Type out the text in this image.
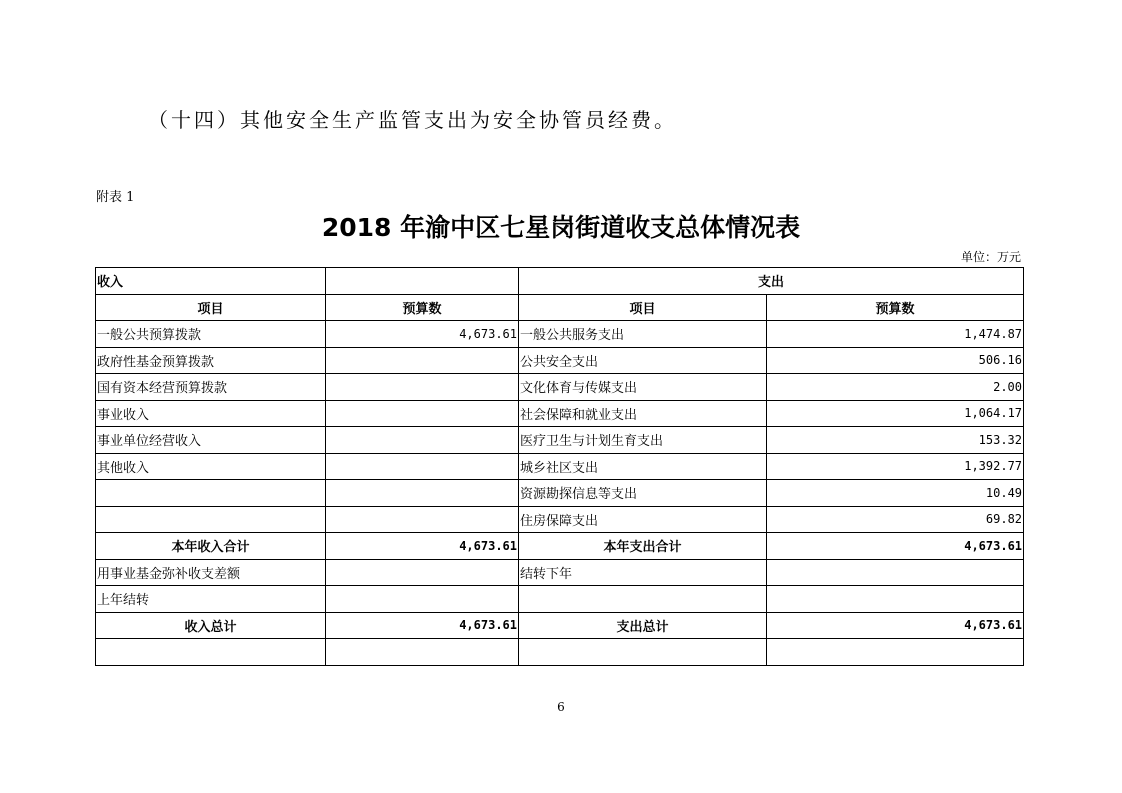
（十四）其他安全生产监管支出为安全协管员经费。
附表 1
2018 年渝中区七星岗街道收支总体情况表
单位：万元
收入		支出	
项目	预算数	项目	预算数
一般公共预算拨款	4,673.61	一般公共服务支出	1,474.87
政府性基金预算拨款		公共安全支出	506.16
国有资本经营预算拨款		文化体育与传媒支出	2.00
事业收入		社会保障和就业支出	1,064.17
事业单位经营收入		医疗卫生与计划生育支出	153.32
其他收入		城乡社区支出	1,392.77
		资源勘探信息等支出	10.49
		住房保障支出	69.82
本年收入合计	4,673.61	本年支出合计	4,673.61
用事业基金弥补收支差额		结转下年	
上年结转			
收入总计	4,673.61	支出总计	4,673.61

6
